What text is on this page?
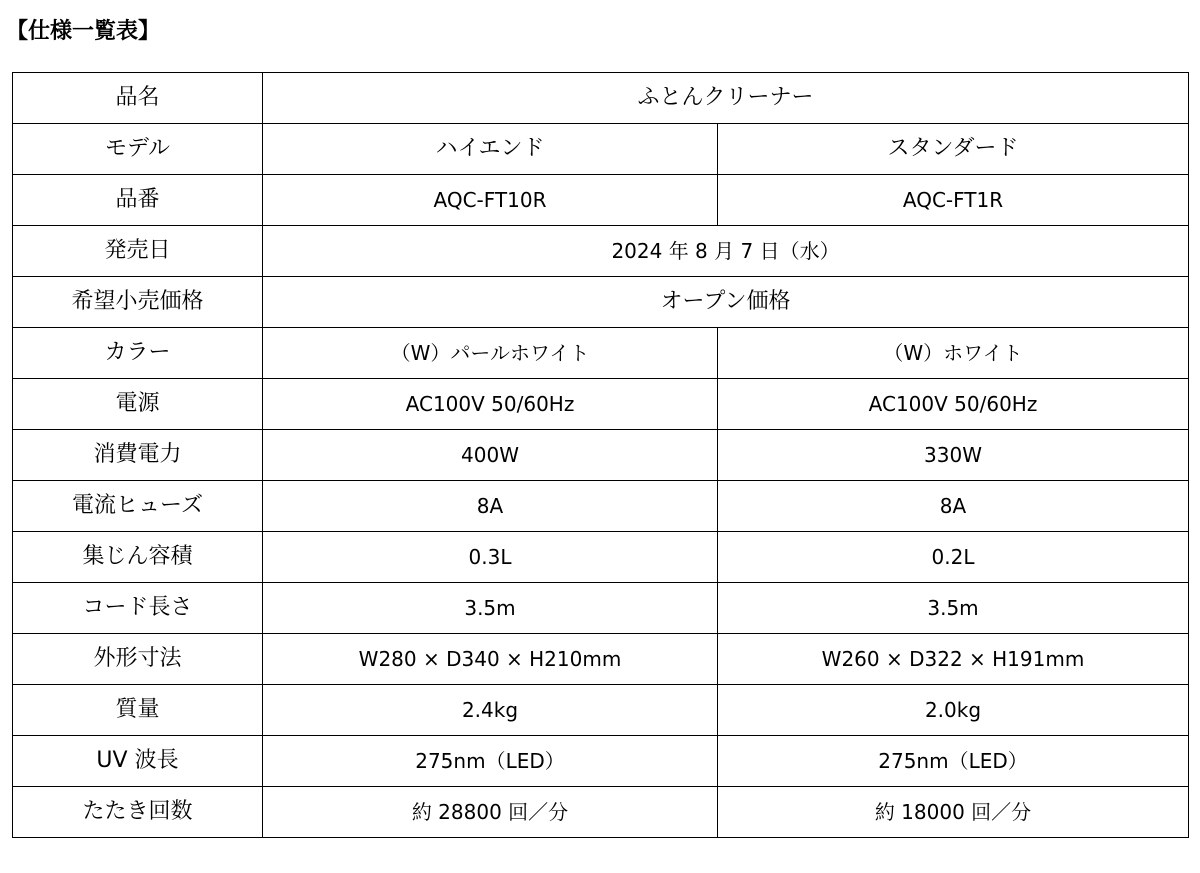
【仕様一覧表】
品名	ふとんクリーナー	
モデル	ハイエンド	スタンダード
品番	AQC-FT10R	AQC-FT1R
発売日	2024 年 8 月 7 日（水）	
希望小売価格	オープン価格	
カラー	（W）パールホワイト	（W）ホワイト
電源	AC100V 50/60Hz	AC100V 50/60Hz
消費電力	400W	330W
電流ヒューズ	8A	8A
集じん容積	0.3L	0.2L
コード長さ	3.5m	3.5m
外形寸法	W280 × D340 × H210mm	W260 × D322 × H191mm
質量	2.4kg	2.0kg
UV 波長	275nm（LED）	275nm（LED）
たたき回数	約 28800 回／分	約 18000 回／分
